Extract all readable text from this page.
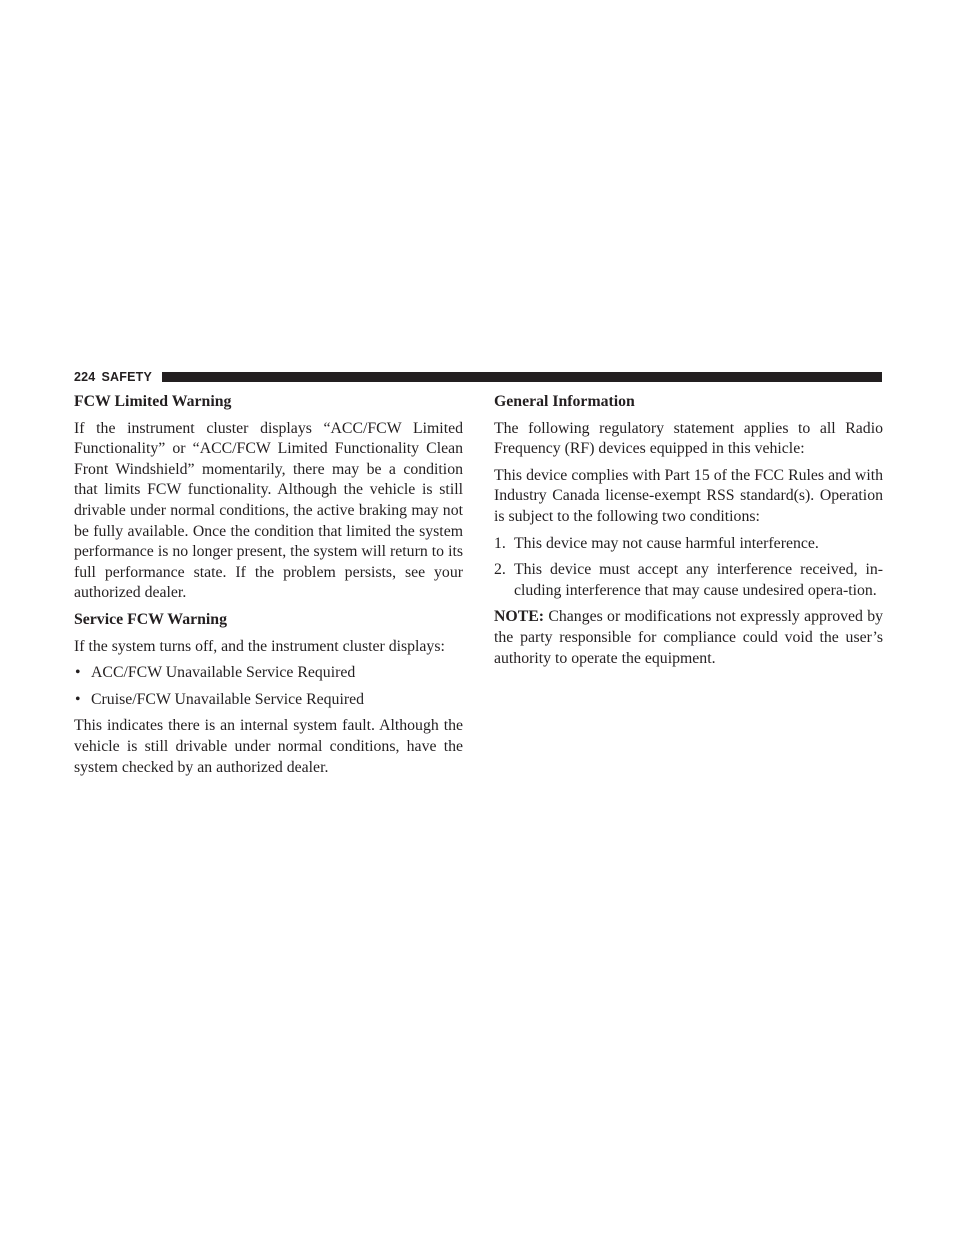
224 SAFETY
FCW Limited Warning

If the instrument cluster displays “ACC/FCW Limited Functionality” or “ACC/FCW Limited Functionality Clean Front Windshield” momentarily, there may be a condition that limits FCW functionality. Although the vehicle is still drivable under normal conditions, the active braking may not be fully available. Once the condition that limited the system performance is no longer present, the system will return to its full performance state. If the problem persists, see your authorized dealer.

Service FCW Warning

If the system turns off, and the instrument cluster displays:

• ACC/FCW Unavailable Service Required
• Cruise/FCW Unavailable Service Required

This indicates there is an internal system fault. Although the vehicle is still drivable under normal conditions, have the system checked by an authorized dealer.

General Information

The following regulatory statement applies to all Radio Frequency (RF) devices equipped in this vehicle:

This device complies with Part 15 of the FCC Rules and with Industry Canada license-exempt RSS standard(s). Operation is subject to the following two conditions:

1. This device may not cause harmful interference.
2. This device must accept any interference received, in-cluding interference that may cause undesired opera-tion.

NOTE: Changes or modifications not expressly approved by the party responsible for compliance could void the user’s authority to operate the equipment.
